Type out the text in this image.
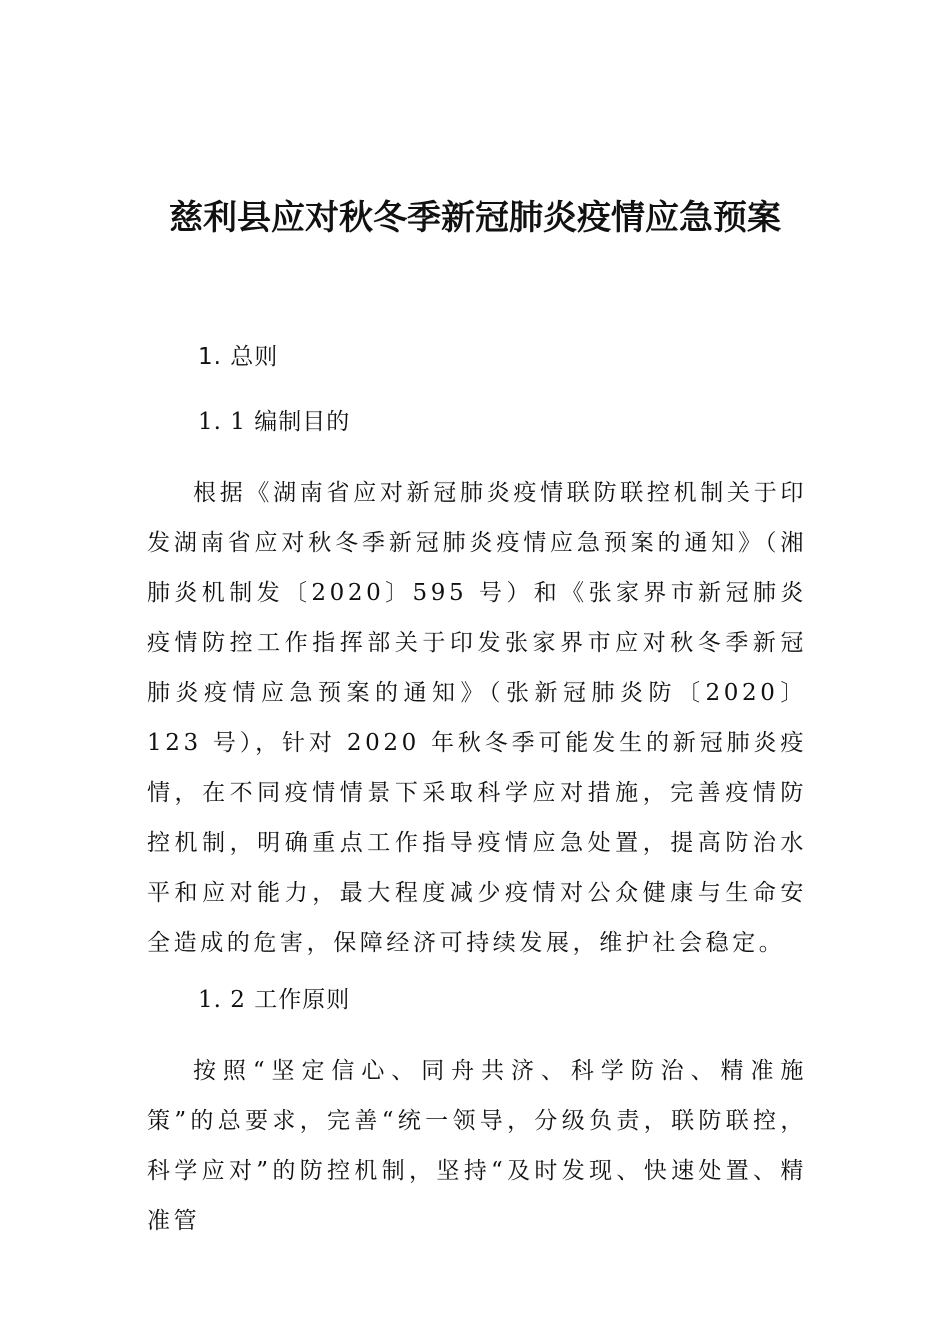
慈利县应对秋冬季新冠肺炎疫情应急预案
1. 总则
1. 1 编制目的

根据《湖南省应对新冠肺炎疫情联防联控机制关于印发湖南省应对秋冬季新冠肺炎疫情应急预案的通知》（湘肺炎机制发〔2020〕595 号）和《张家界市新冠肺炎疫情防控工作指挥部关于印发张家界市应对秋冬季新冠肺炎疫情应急预案的通知》（张新冠肺炎防〔2020〕123 号），针对 2020 年秋冬季可能发生的新冠肺炎疫情，在不同疫情情景下采取科学应对措施，完善疫情防控机制，明确重点工作指导疫情应急处置，提高防治水平和应对能力，最大程度减少疫情对公众健康与生命安全造成的危害，保障经济可持续发展，维护社会稳定。

1. 2 工作原则

按照“坚定信心、同舟共济、科学防治、精准施策”的总要求，完善“统一领导，分级负责，联防联控，科学应对”的防控机制，坚持“及时发现、快速处置、精准管
